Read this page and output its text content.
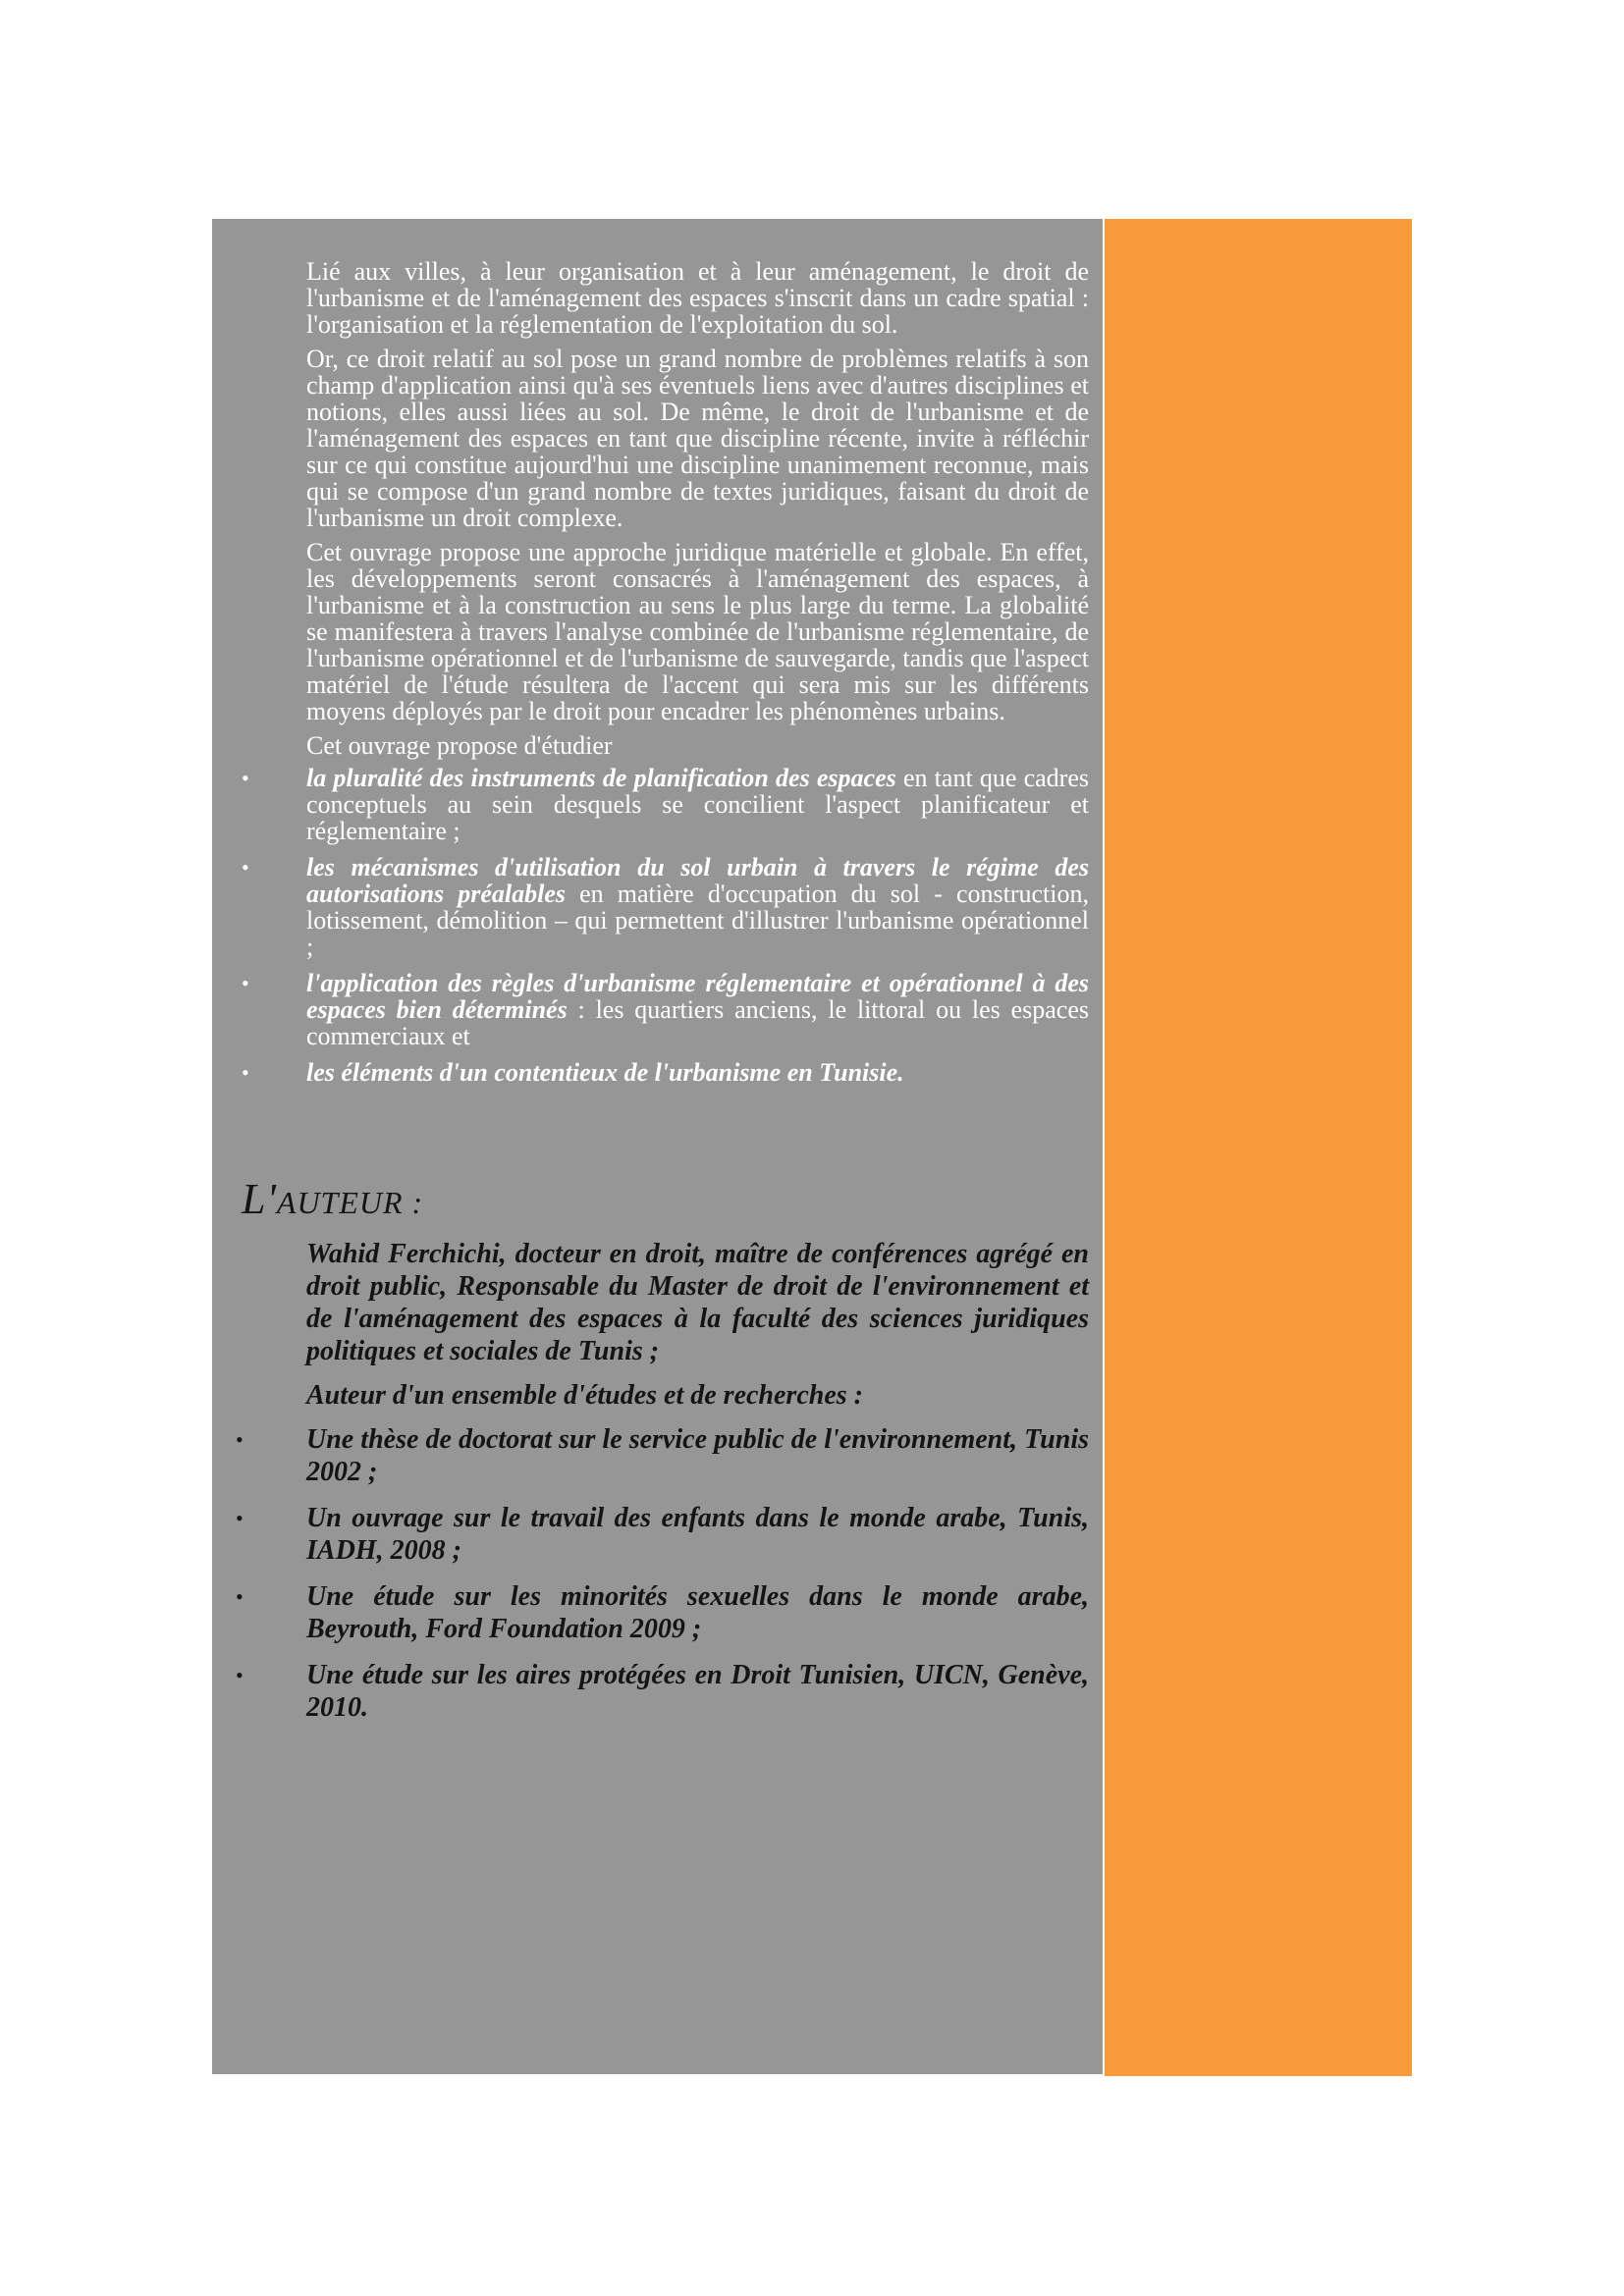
Lié aux villes, à leur organisation et à leur aménagement, le droit de l'urbanisme et de l'aménagement des espaces s'inscrit dans un cadre spatial : l'organisation et la réglementation de l'exploitation du sol.

Or, ce droit relatif au sol pose un grand nombre de problèmes relatifs à son champ d'application ainsi qu'à ses éventuels liens avec d'autres disciplines et notions, elles aussi liées au sol. De même, le droit de l'urbanisme et de l'aménagement des espaces en tant que discipline récente, invite à réfléchir sur ce qui constitue aujourd'hui une discipline unanimement reconnue, mais qui se compose d'un grand nombre de textes juridiques, faisant du droit de l'urbanisme un droit complexe.

Cet ouvrage propose une approche juridique matérielle et globale. En effet, les développements seront consacrés à l'aménagement des espaces, à l'urbanisme et à la construction au sens le plus large du terme. La globalité se manifestera à travers l'analyse combinée de l'urbanisme réglementaire, de l'urbanisme opérationnel et de l'urbanisme de sauvegarde, tandis que l'aspect matériel de l'étude résultera de l'accent qui sera mis sur les différents moyens déployés par le droit pour encadrer les phénomènes urbains.

Cet ouvrage propose d'étudier

•	la pluralité des instruments de planification des espaces en tant que cadres conceptuels au sein desquels se concilient l'aspect planificateur et réglementaire ;

•	les mécanismes d'utilisation du sol urbain à travers le régime des autorisations préalables en matière d'occupation du sol - construction, lotissement, démolition – qui permettent d'illustrer l'urbanisme opérationnel ;

•	l'application des règles d'urbanisme réglementaire et opérationnel à des espaces bien déterminés : les quartiers anciens, le littoral ou les espaces commerciaux et

•	les éléments d'un contentieux de l'urbanisme en Tunisie.

L'AUTEUR :

Wahid Ferchichi, docteur en droit, maître de conférences agrégé en droit public, Responsable du Master de droit de l'environnement et de l'aménagement des espaces à la faculté des sciences juridiques politiques et sociales de Tunis ;

Auteur d'un ensemble d'études et de recherches :

•	Une thèse de doctorat sur le service public de l'environnement, Tunis 2002 ;

•	Un ouvrage sur le travail des enfants dans le monde arabe, Tunis, IADH, 2008 ;

•	Une étude sur les minorités sexuelles dans le monde arabe, Beyrouth, Ford Foundation 2009 ;

•	Une étude sur les aires protégées en Droit Tunisien, UICN, Genève, 2010.
